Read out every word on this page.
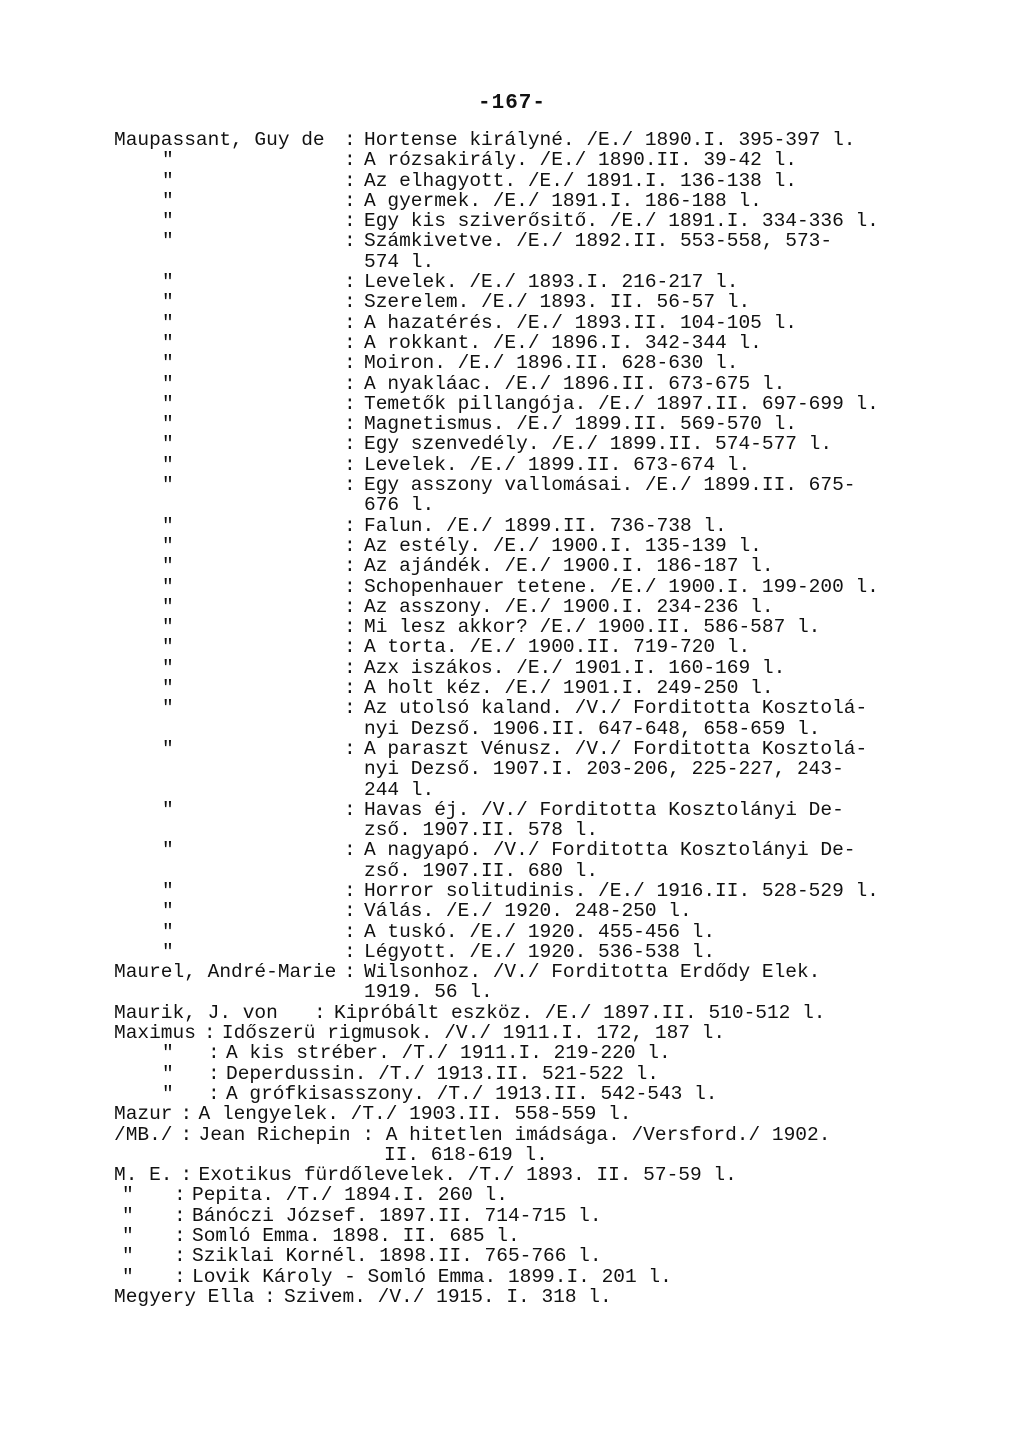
-167-
Maupassant, Guy de : Hortense királyné. /E./ 1890.I. 395-397 l.
"	: A rózsakirály. /E./ 1890.II. 39-42 l.
"	: Az elhagyott. /E./ 1891.I. 136-138 l.
"	: A gyermek. /E./ 1891.I. 186-188 l.
"	: Egy kis sziverősitő. /E./ 1891.I. 334-336 l.
"	: Számkivetve. /E./ 1892.II. 553-558, 573-
574 l.
"	: Levelek. /E./ 1893.I. 216-217 l.
"	: Szerelem. /E./ 1893. II. 56-57 l.
"	: A hazatérés. /E./ 1893.II. 104-105 l.
"	: A rokkant. /E./ 1896.I. 342-344 l.
"	: Moiron. /E./ 1896.II. 628-630 l.
"	: A nyakláac. /E./ 1896.II. 673-675 l.
"	: Temetők pillangója. /E./ 1897.II. 697-699 l.
"	: Magnetismus. /E./ 1899.II. 569-570 l.
"	: Egy szenvedély. /E./ 1899.II. 574-577 l.
"	: Levelek. /E./ 1899.II. 673-674 l.
"	: Egy asszony vallomásai. /E./ 1899.II. 675-
676 l.
"	: Falun. /E./ 1899.II. 736-738 l.
"	: Az estély. /E./ 1900.I. 135-139 l.
"	: Az ajándék. /E./ 1900.I. 186-187 l.
"	: Schopenhauer tetene. /E./ 1900.I. 199-200 l.
"	: Az asszony. /E./ 1900.I. 234-236 l.
"	: Mi lesz akkor? /E./ 1900.II. 586-587 l.
"	: A torta. /E./ 1900.II. 719-720 l.
"	: Azx iszákos. /E./ 1901.I. 160-169 l.
"	: A holt kéz. /E./ 1901.I. 249-250 l.
"	: Az utolsó kaland. /V./ Forditotta Kosztolá-
nyi Dezső. 1906.II. 647-648, 658-659 l.
"	: A paraszt Vénusz. /V./ Forditotta Kosztolá-
nyi Dezső. 1907.I. 203-206, 225-227, 243-
244 l.
"	: Havas éj. /V./ Forditotta Kosztolányi De-
zső. 1907.II. 578 l.
"	: A nagyapó. /V./ Forditotta Kosztolányi De-
zső. 1907.II. 680 l.
"	: Horror solitudinis. /E./ 1916.II. 528-529 l.
"	: Válás. /E./ 1920. 248-250 l.
"	: A tuskó. /E./ 1920. 455-456 l.
"	: Légyott. /E./ 1920. 536-538 l.
Maurel, André-Marie : Wilsonhoz. /V./ Forditotta Erdődy Elek.
1919. 56 l.
Maurik, J. von : Kipróbált eszköz. /E./ 1897.II. 510-512 l.
Maximus : Időszerü rigmusok. /V./ 1911.I. 172, 187 l.
" : A kis stréber. /T./ 1911.I. 219-220 l.
" : Deperdussin. /T./ 1913.II. 521-522 l.
" : A grófkisasszony. /T./ 1913.II. 542-543 l.
Mazur : A lengyelek. /T./ 1903.II. 558-559 l.
/MB./ : Jean Richepin : A hitetlen imádsága. /Versford./ 1902.
II. 618-619 l.
M. E. : Exotikus fürdőlevelek. /T./ 1893. II. 57-59 l.
" : Pepita. /T./ 1894.I. 260 l.
" : Bánóczi József. 1897.II. 714-715 l.
" : Somló Emma. 1898. II. 685 l.
" : Sziklai Kornél. 1898.II. 765-766 l.
" : Lovik Károly - Somló Emma. 1899.I. 201 l.
Megyery Ella : Szivem. /V./ 1915. I. 318 l.
